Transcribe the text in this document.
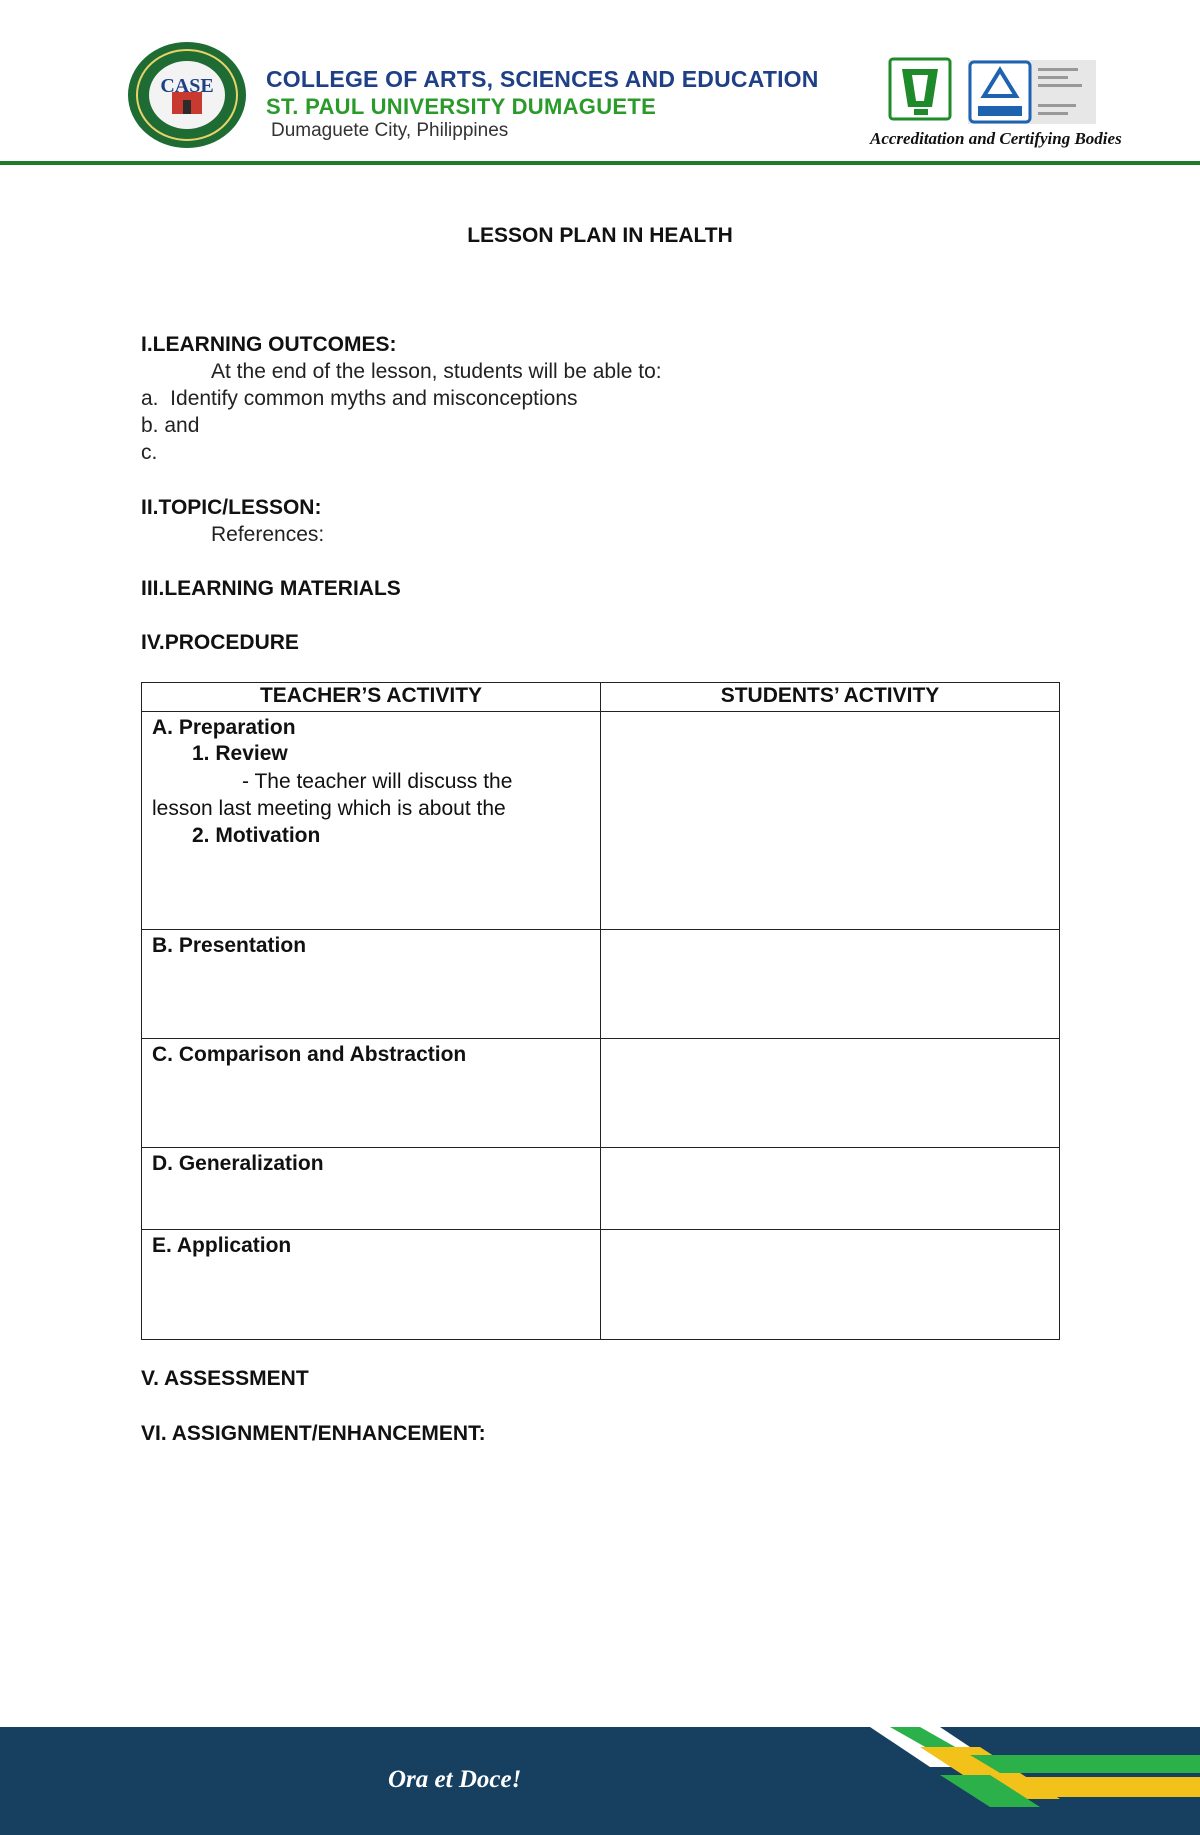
CASE COLLEGE OF ARTS, SCIENCES AND EDUCATION
ST. PAUL UNIVERSITY DUMAGUETE
Dumaguete City, Philippines	Accreditation and Certifying Bodies
LESSON PLAN IN HEALTH
I.LEARNING OUTCOMES:
At the end of the lesson, students will be able to:
a.  Identify common myths and misconceptions
b. and
c.
II.TOPIC/LESSON:
References:
III.LEARNING MATERIALS
IV.PROCEDURE
TEACHER’S ACTIVITY	STUDENTS’ ACTIVITY

A. Preparation
1. Review
- The teacher will discuss the
lesson last meeting which is about the
2. Motivation	

B. Presentation	

C. Comparison and Abstraction	

D. Generalization	

E. Application	

V. ASSESSMENT
VI. ASSIGNMENT/ENHANCEMENT:
Ora et Doce!
